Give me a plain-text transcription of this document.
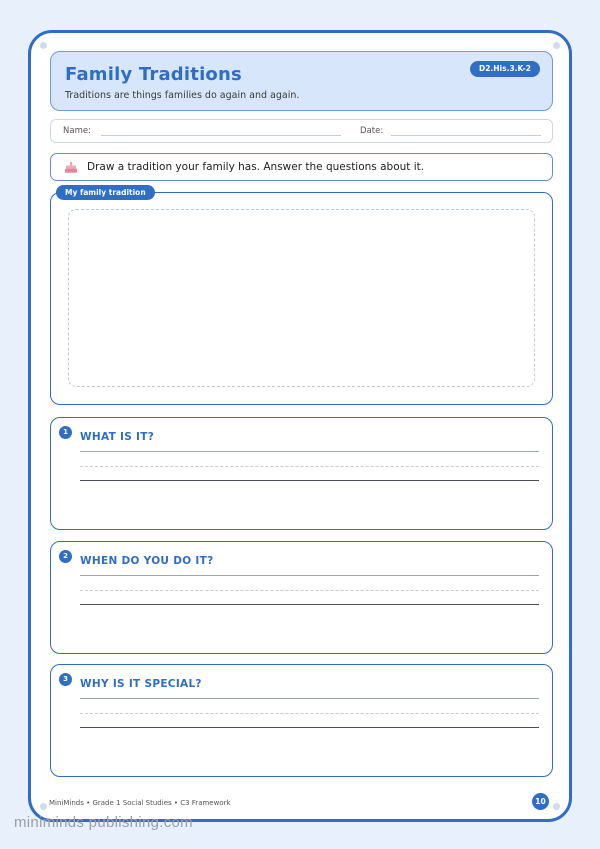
Family Traditions
Traditions are things families do again and again.
D2.His.3.K-2
Name:	Date:
Draw a tradition your family has. Answer the questions about it.
My family tradition
1	WHAT IS IT?
2	WHEN DO YOU DO IT?
3	WHY IS IT SPECIAL?
MiniMinds • Grade 1 Social Studies • C3 Framework	10
miniminds publishing.com
